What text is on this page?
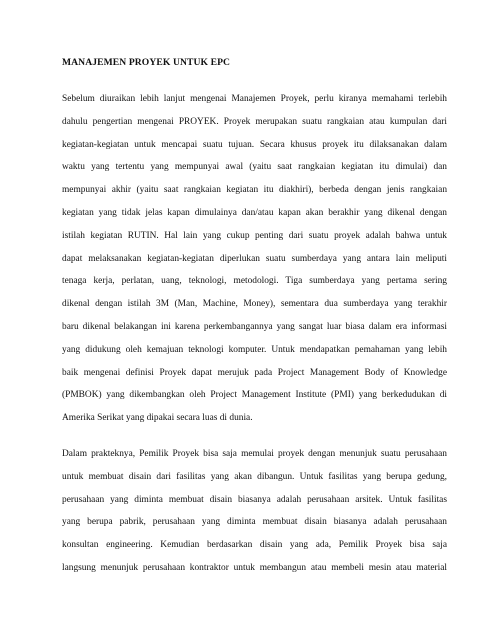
MANAJEMEN PROYEK UNTUK EPC
Sebelum diuraikan lebih lanjut mengenai Manajemen Proyek, perlu kiranya memahami terlebih
dahulu pengertian mengenai PROYEK. Proyek merupakan suatu rangkaian atau kumpulan dari
kegiatan-kegiatan untuk mencapai suatu tujuan. Secara khusus proyek itu dilaksanakan dalam
waktu yang tertentu yang mempunyai awal (yaitu saat rangkaian kegiatan itu dimulai) dan
mempunyai akhir (yaitu saat rangkaian kegiatan itu diakhiri), berbeda dengan jenis rangkaian
kegiatan yang tidak jelas kapan dimulainya dan/atau kapan akan berakhir yang dikenal dengan
istilah kegiatan RUTIN. Hal lain yang cukup penting dari suatu proyek adalah bahwa untuk
dapat melaksanakan kegiatan-kegiatan diperlukan suatu sumberdaya yang antara lain meliputi
tenaga kerja, perlatan, uang, teknologi, metodologi. Tiga sumberdaya yang pertama sering
dikenal dengan istilah 3M (Man, Machine, Money), sementara dua sumberdaya yang terakhir
baru dikenal belakangan ini karena perkembangannya yang sangat luar biasa dalam era informasi
yang didukung oleh kemajuan teknologi komputer. Untuk mendapatkan pemahaman yang lebih
baik mengenai definisi Proyek dapat merujuk pada Project Management Body of Knowledge
(PMBOK) yang dikembangkan oleh Project Management Institute (PMI) yang berkedudukan di
Amerika Serikat yang dipakai secara luas di dunia.
Dalam prakteknya, Pemilik Proyek bisa saja memulai proyek dengan menunjuk suatu perusahaan
untuk membuat disain dari fasilitas yang akan dibangun. Untuk fasilitas yang berupa gedung,
perusahaan yang diminta membuat disain biasanya adalah perusahaan arsitek. Untuk fasilitas
yang berupa pabrik, perusahaan yang diminta membuat disain biasanya adalah perusahaan
konsultan engineering. Kemudian berdasarkan disain yang ada, Pemilik Proyek bisa saja
langsung menunjuk perusahaan kontraktor untuk membangun atau membeli mesin atau material
